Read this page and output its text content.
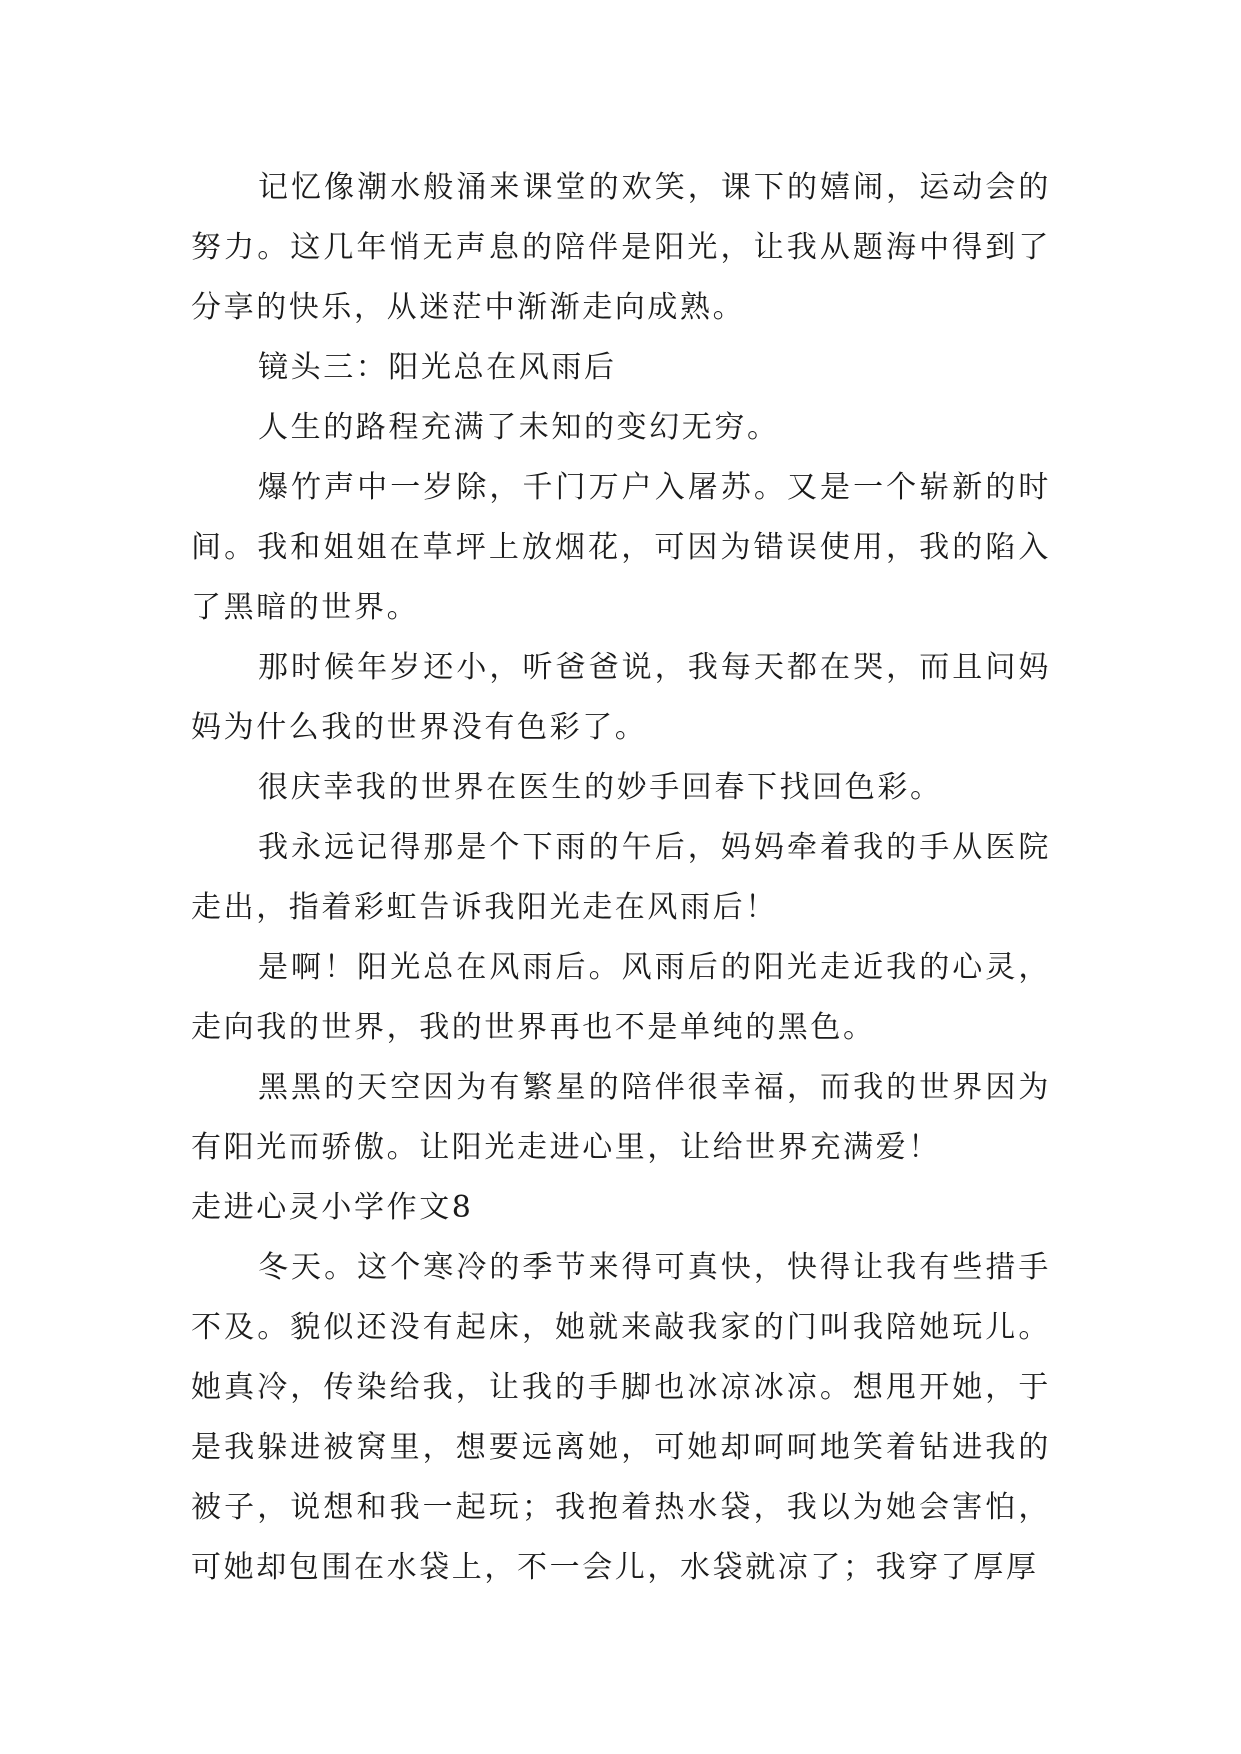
记忆像潮水般涌来课堂的欢笑，课下的嬉闹，运动会的努力。这几年悄无声息的陪伴是阳光，让我从题海中得到了分享的快乐，从迷茫中渐渐走向成熟。

镜头三：阳光总在风雨后

人生的路程充满了未知的变幻无穷。

爆竹声中一岁除，千门万户入屠苏。又是一个崭新的时间。我和姐姐在草坪上放烟花，可因为错误使用，我的陷入了黑暗的世界。

那时候年岁还小，听爸爸说，我每天都在哭，而且问妈妈为什么我的世界没有色彩了。

很庆幸我的世界在医生的妙手回春下找回色彩。

我永远记得那是个下雨的午后，妈妈牵着我的手从医院走出，指着彩虹告诉我阳光走在风雨后！

是啊！阳光总在风雨后。风雨后的阳光走近我的心灵，走向我的世界，我的世界再也不是单纯的黑色。

黑黑的天空因为有繁星的陪伴很幸福，而我的世界因为有阳光而骄傲。让阳光走进心里，让给世界充满爱！

走进心灵小学作文8

冬天。这个寒冷的季节来得可真快，快得让我有些措手不及。貌似还没有起床，她就来敲我家的门叫我陪她玩儿。她真冷，传染给我，让我的手脚也冰凉冰凉。想甩开她，于是我躲进被窝里，想要远离她，可她却呵呵地笑着钻进我的被子，说想和我一起玩；我抱着热水袋，我以为她会害怕，可她却包围在水袋上，不一会儿，水袋就凉了；我穿了厚厚
